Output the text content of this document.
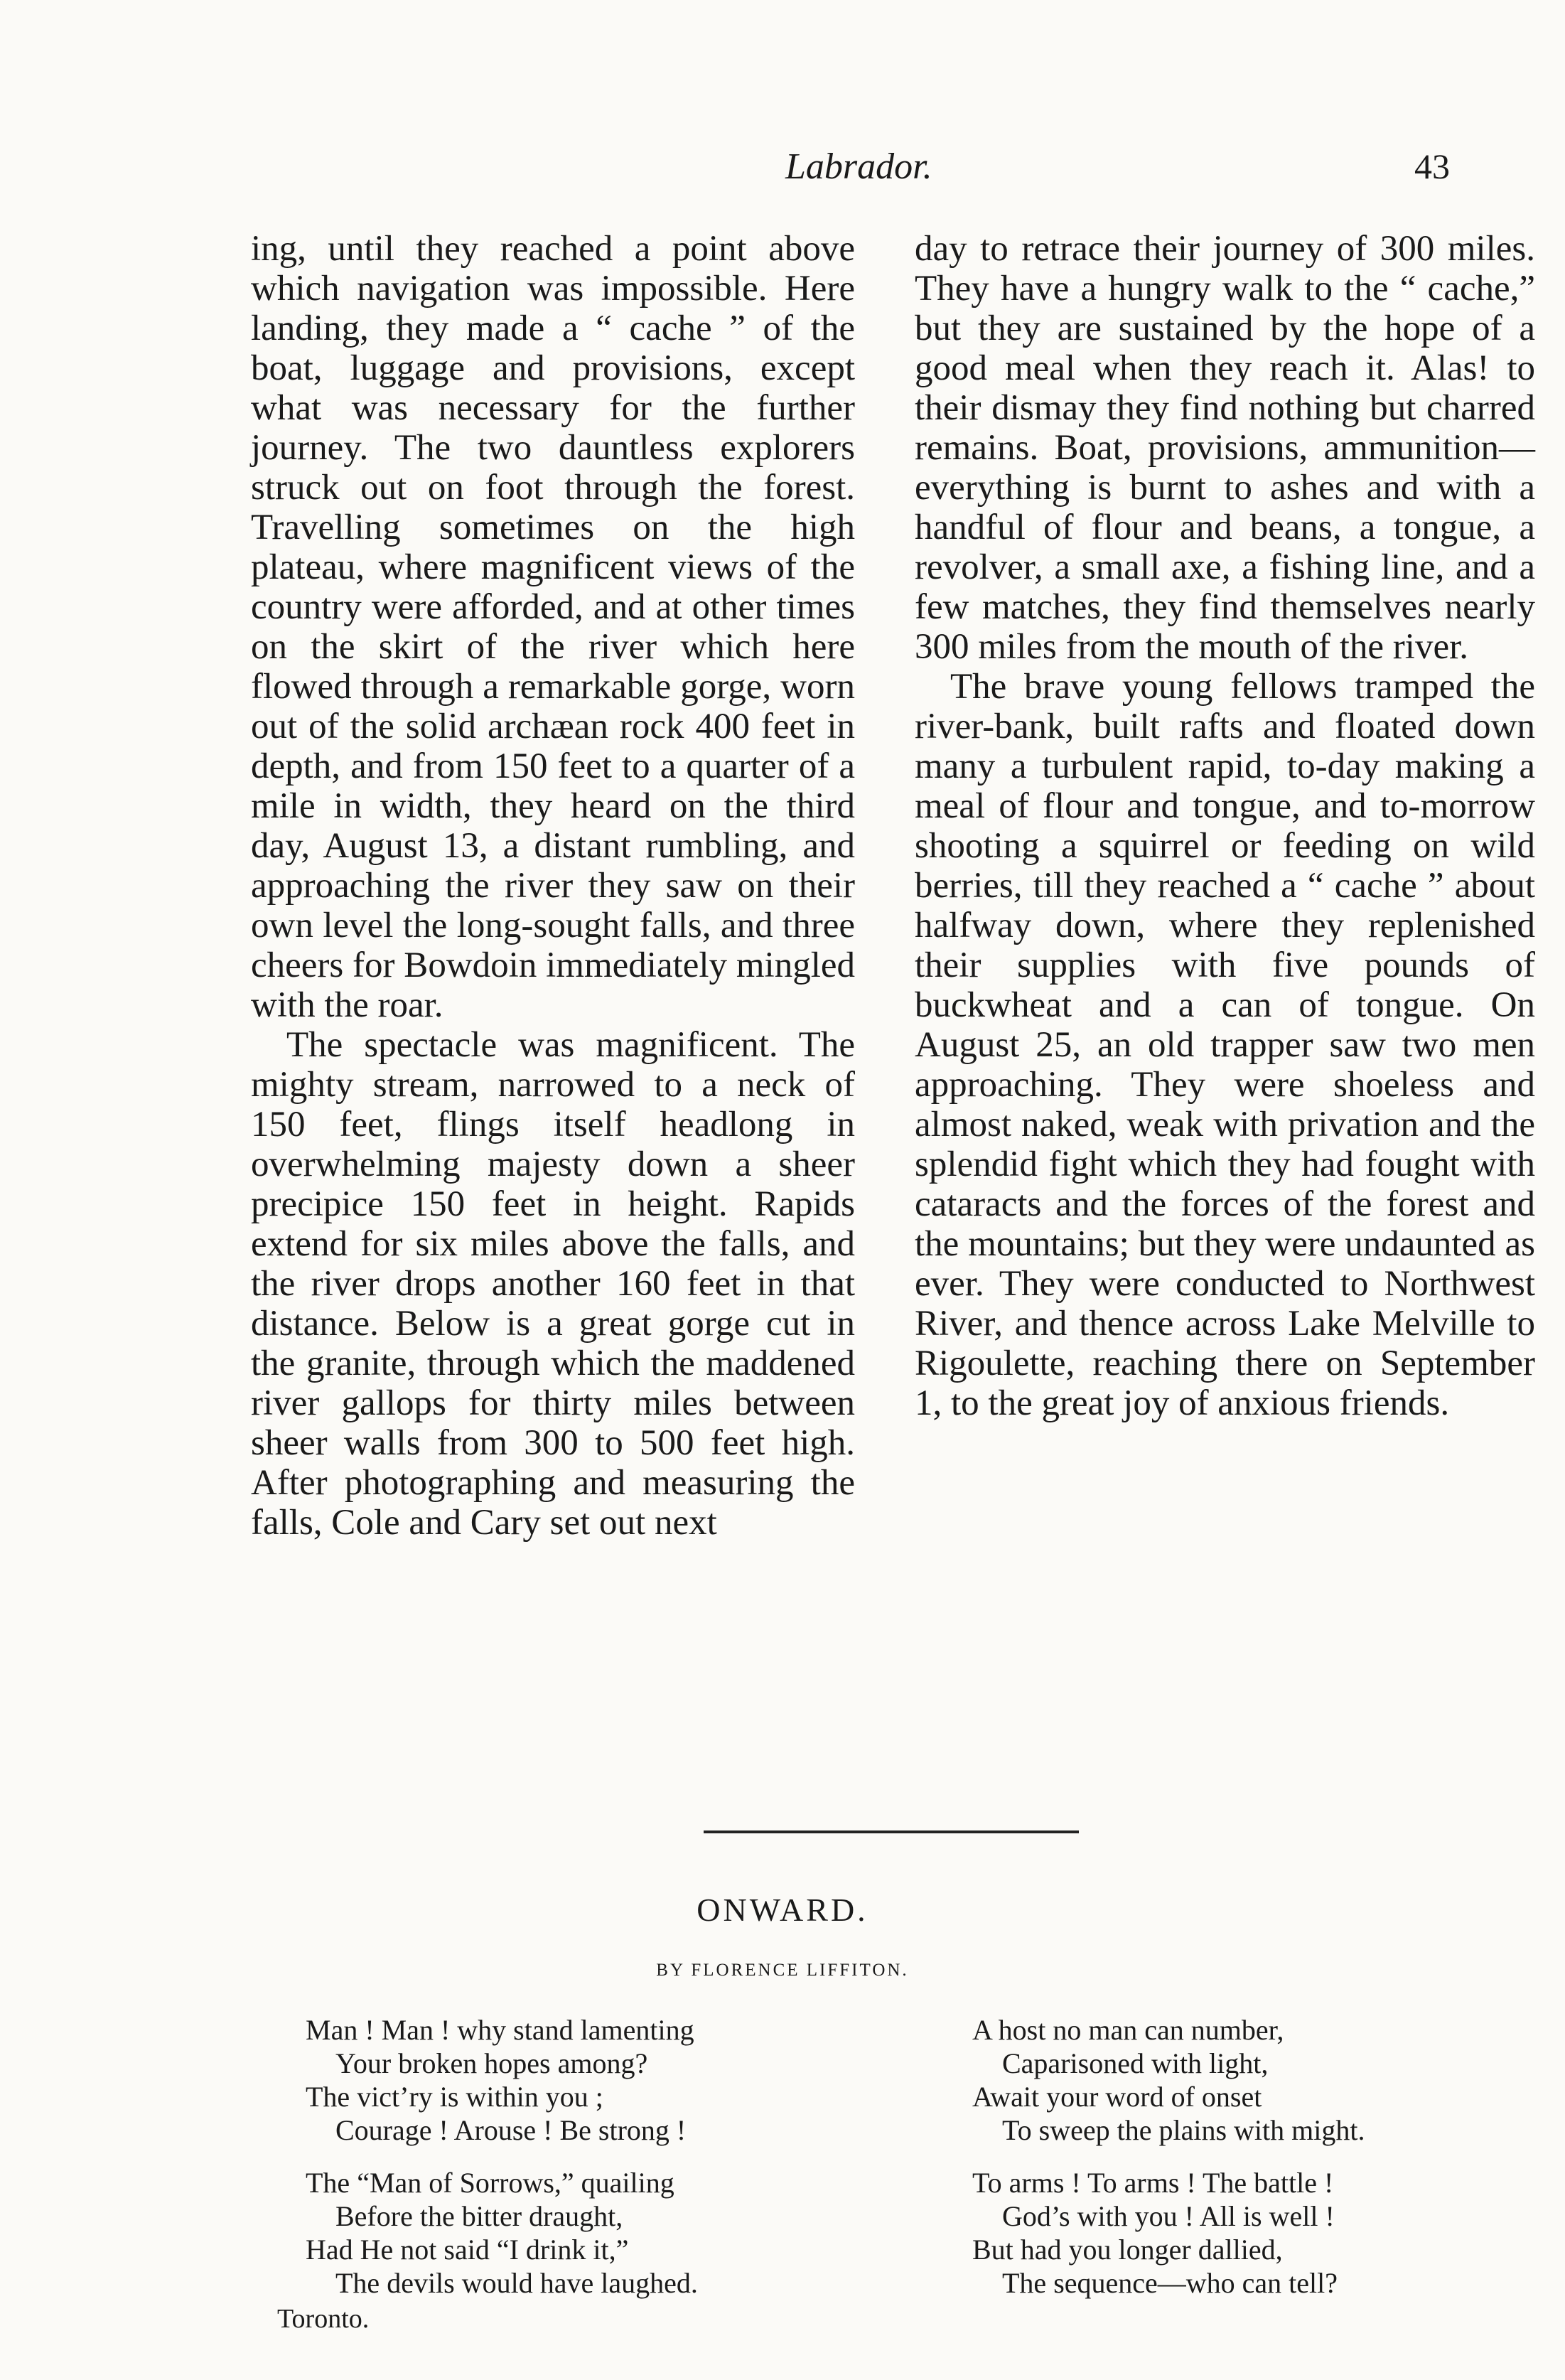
Labrador.	43

ing, until they reached a point above which navigation was impossible. Here landing, they made a “ cache ” of the boat, luggage and provisions, except what was necessary for the further journey. The two dauntless explorers struck out on foot through the forest. Travelling sometimes on the high plateau, where magnificent views of the country were afforded, and at other times on the skirt of the river which here flowed through a remarkable gorge, worn out of the solid archæan rock 400 feet in depth, and from 150 feet to a quarter of a mile in width, they heard on the third day, August 13, a distant rumbling, and approaching the river they saw on their own level the long-sought falls, and three cheers for Bowdoin immediately mingled with the roar.

The spectacle was magnificent. The mighty stream, narrowed to a neck of 150 feet, flings itself headlong in overwhelming majesty down a sheer precipice 150 feet in height. Rapids extend for six miles above the falls, and the river drops another 160 feet in that distance. Below is a great gorge cut in the granite, through which the maddened river gallops for thirty miles between sheer walls from 300 to 500 feet high. After photographing and measuring the falls, Cole and Cary set out next

day to retrace their journey of 300 miles. They have a hungry walk to the “ cache,” but they are sustained by the hope of a good meal when they reach it. Alas! to their dismay they find nothing but charred remains. Boat, provisions, ammunition—everything is burnt to ashes and with a handful of flour and beans, a tongue, a revolver, a small axe, a fishing line, and a few matches, they find themselves nearly 300 miles from the mouth of the river.

The brave young fellows tramped the river-bank, built rafts and floated down many a turbulent rapid, to-day making a meal of flour and tongue, and to-morrow shooting a squirrel or feeding on wild berries, till they reached a “ cache ” about halfway down, where they replenished their supplies with five pounds of buckwheat and a can of tongue. On August 25, an old trapper saw two men approaching. They were shoeless and almost naked, weak with privation and the splendid fight which they had fought with cataracts and the forces of the forest and the mountains; but they were undaunted as ever. They were conducted to Northwest River, and thence across Lake Melville to Rigoulette, reaching there on September 1, to the great joy of anxious friends.

ONWARD.
BY FLORENCE LIFFITON.
Man ! Man ! why stand lamenting
Your broken hopes among?
The vict’ry is within you ;
Courage ! Arouse ! Be strong !
The “Man of Sorrows,” quailing
Before the bitter draught,
Had He not said “I drink it,”
The devils would have laughed.
A host no man can number,
Caparisoned with light,
Await your word of onset
To sweep the plains with might.
To arms ! To arms ! The battle !
God’s with you ! All is well !
But had you longer dallied,
The sequence—who can tell?
Toronto.
